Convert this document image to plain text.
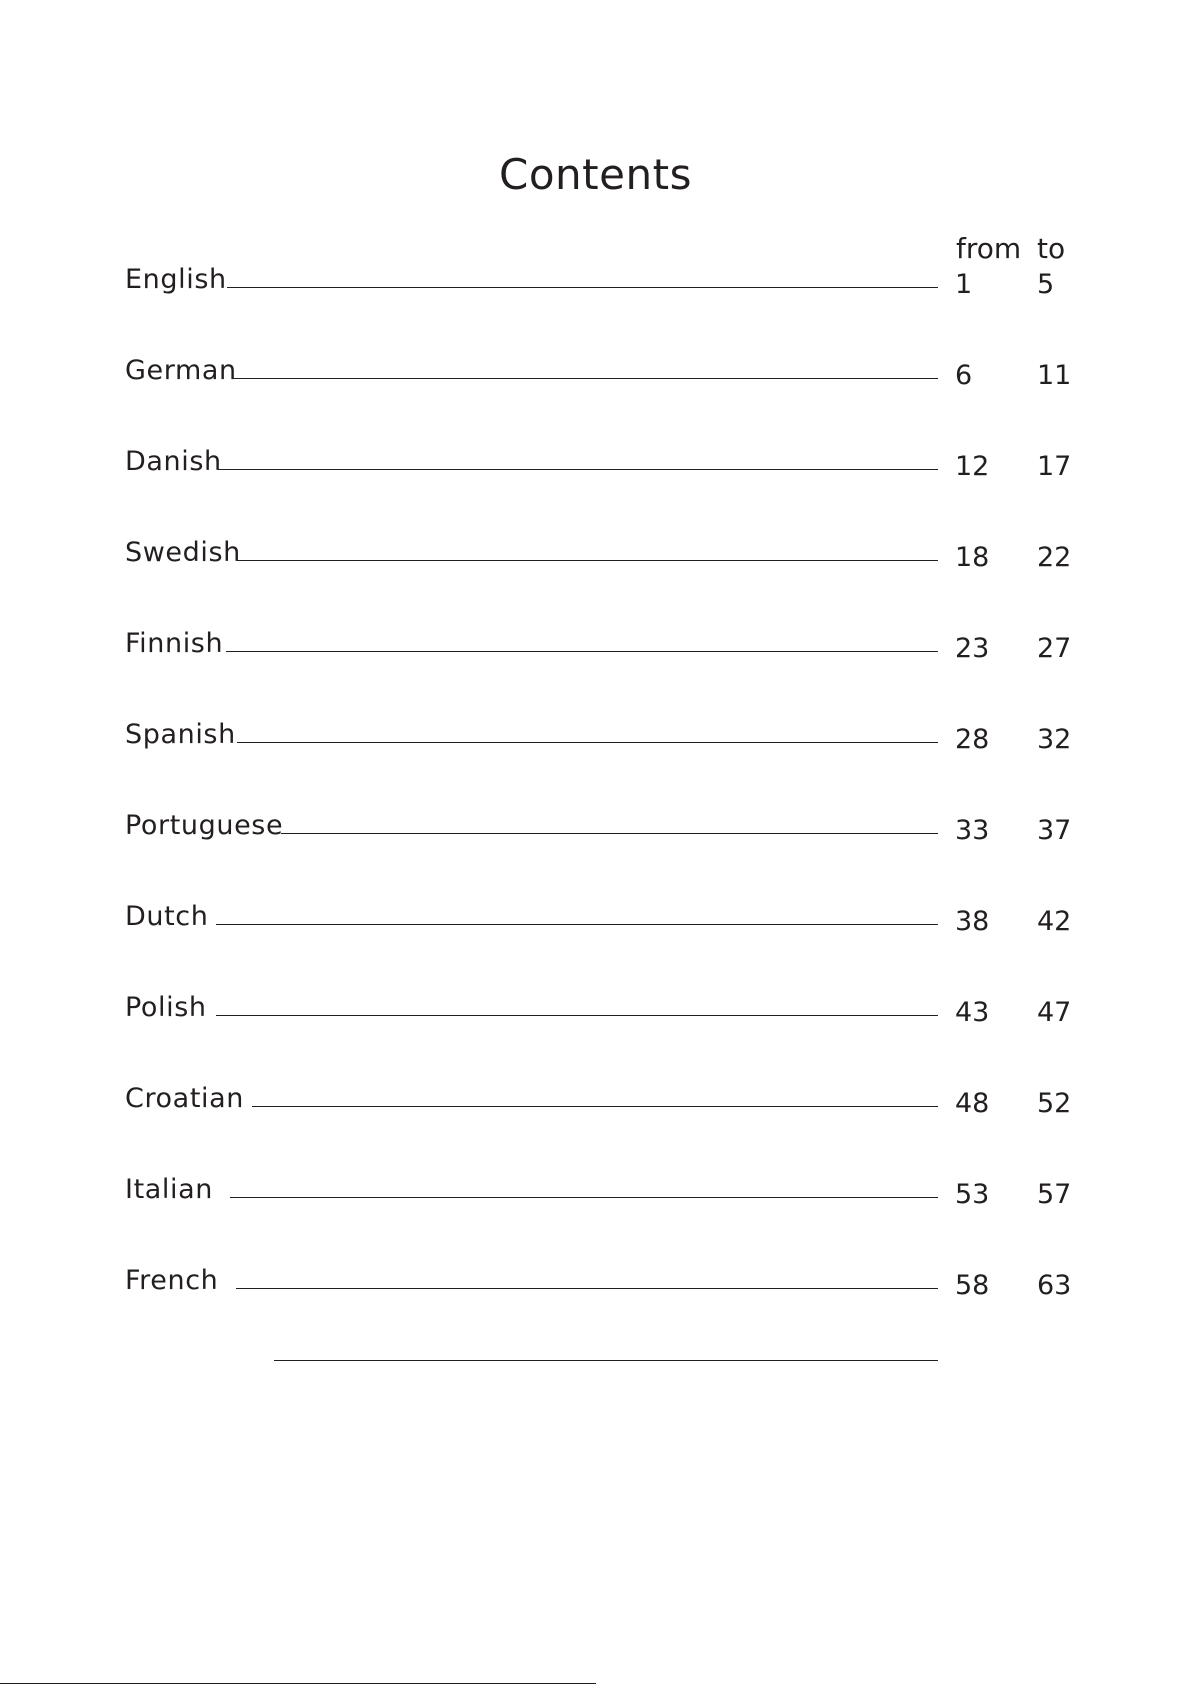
Contents
from to
English	1 5
German	6 11
Danish	12 17
Swedish	18 22
Finnish	23 27
Spanish	28 32
Portuguese	33 37
Dutch	38 42
Polish	43 47
Croatian	48 52
Italian	53 57
French	58 63
